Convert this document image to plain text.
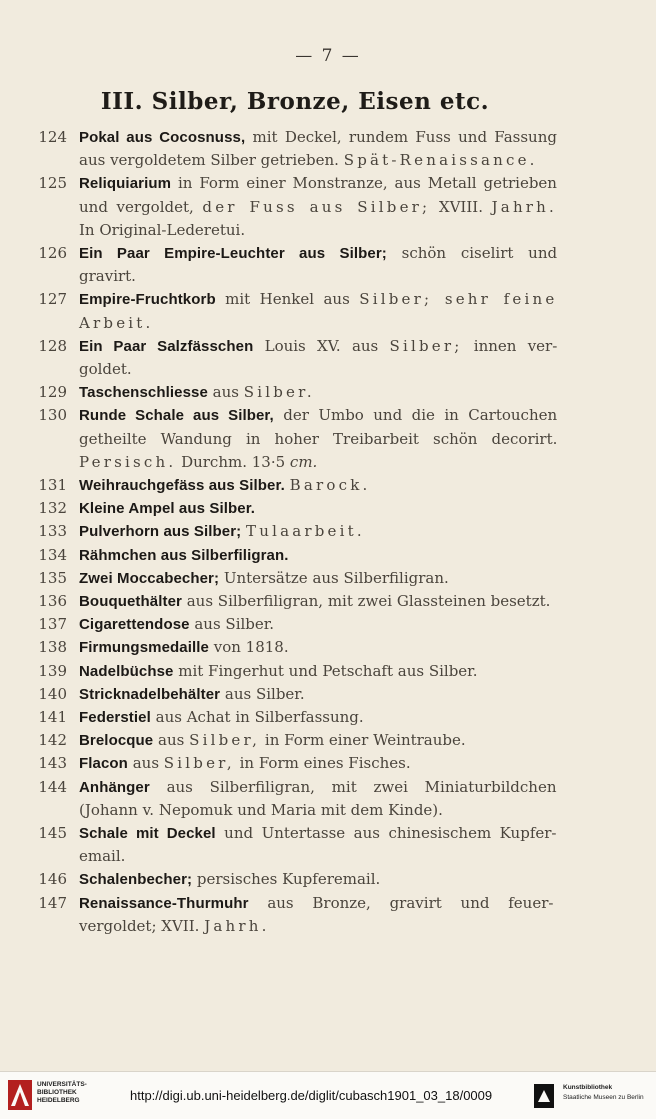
— 7 —
III. Silber, Bronze, Eisen etc.
124 Pokal aus Cocosnuss, mit Deckel, rundem Fuss und Fassung
aus vergoldetem Silber getrieben. Spät-Renaissance.
125 Reliquiarium in Form einer Monstranze, aus Metall getrieben
und vergoldet, der Fuss aus Silber; XVIII. Jahrh.
In Original-Lederetui.
126 Ein Paar Empire-Leuchter aus Silber; schön ciselirt und
gravirt.
127 Empire-Fruchtkorb mit Henkel aus Silber; sehr feine
Arbeit.
128 Ein Paar Salzfässchen Louis XV. aus Silber; innen ver-
goldet.
129 Taschenschliesse aus Silber.
130 Runde Schale aus Silber, der Umbo und die in Cartouchen
getheilte Wandung in hoher Treibarbeit schön decorirt.
Persisch. Durchm. 13·5 cm.
131 Weihrauchgefäss aus Silber. Barock.
132 Kleine Ampel aus Silber.
133 Pulverhorn aus Silber; Tulaarbeit.
134 Rähmchen aus Silberfiligran.
135 Zwei Moccabecher; Untersätze aus Silberfiligran.
136 Bouquethälter aus Silberfiligran, mit zwei Glassteinen besetzt.
137 Cigarettendose aus Silber.
138 Firmungsmedaille von 1818.
139 Nadelbüchse mit Fingerhut und Petschaft aus Silber.
140 Stricknadelbehälter aus Silber.
141 Federstiel aus Achat in Silberfassung.
142 Brelocque aus Silber, in Form einer Weintraube.
143 Flacon aus Silber, in Form eines Fisches.
144 Anhänger aus Silberfiligran, mit zwei Miniaturbildchen
(Johann v. Nepomuk und Maria mit dem Kinde).
145 Schale mit Deckel und Untertasse aus chinesischem Kupfer-
email.
146 Schalenbecher; persisches Kupferemail.
147 Renaissance-Thurmuhr aus Bronze, gravirt und feuer-
vergoldet; XVII. Jahrh.
UNIVERSITÄTS-
BIBLIOTHEK
HEIDELBERG	http://digi.ub.uni-heidelberg.de/diglit/cubasch1901_03_18/0009
Kunstbibliothek
Staatliche Museen zu Berlin
